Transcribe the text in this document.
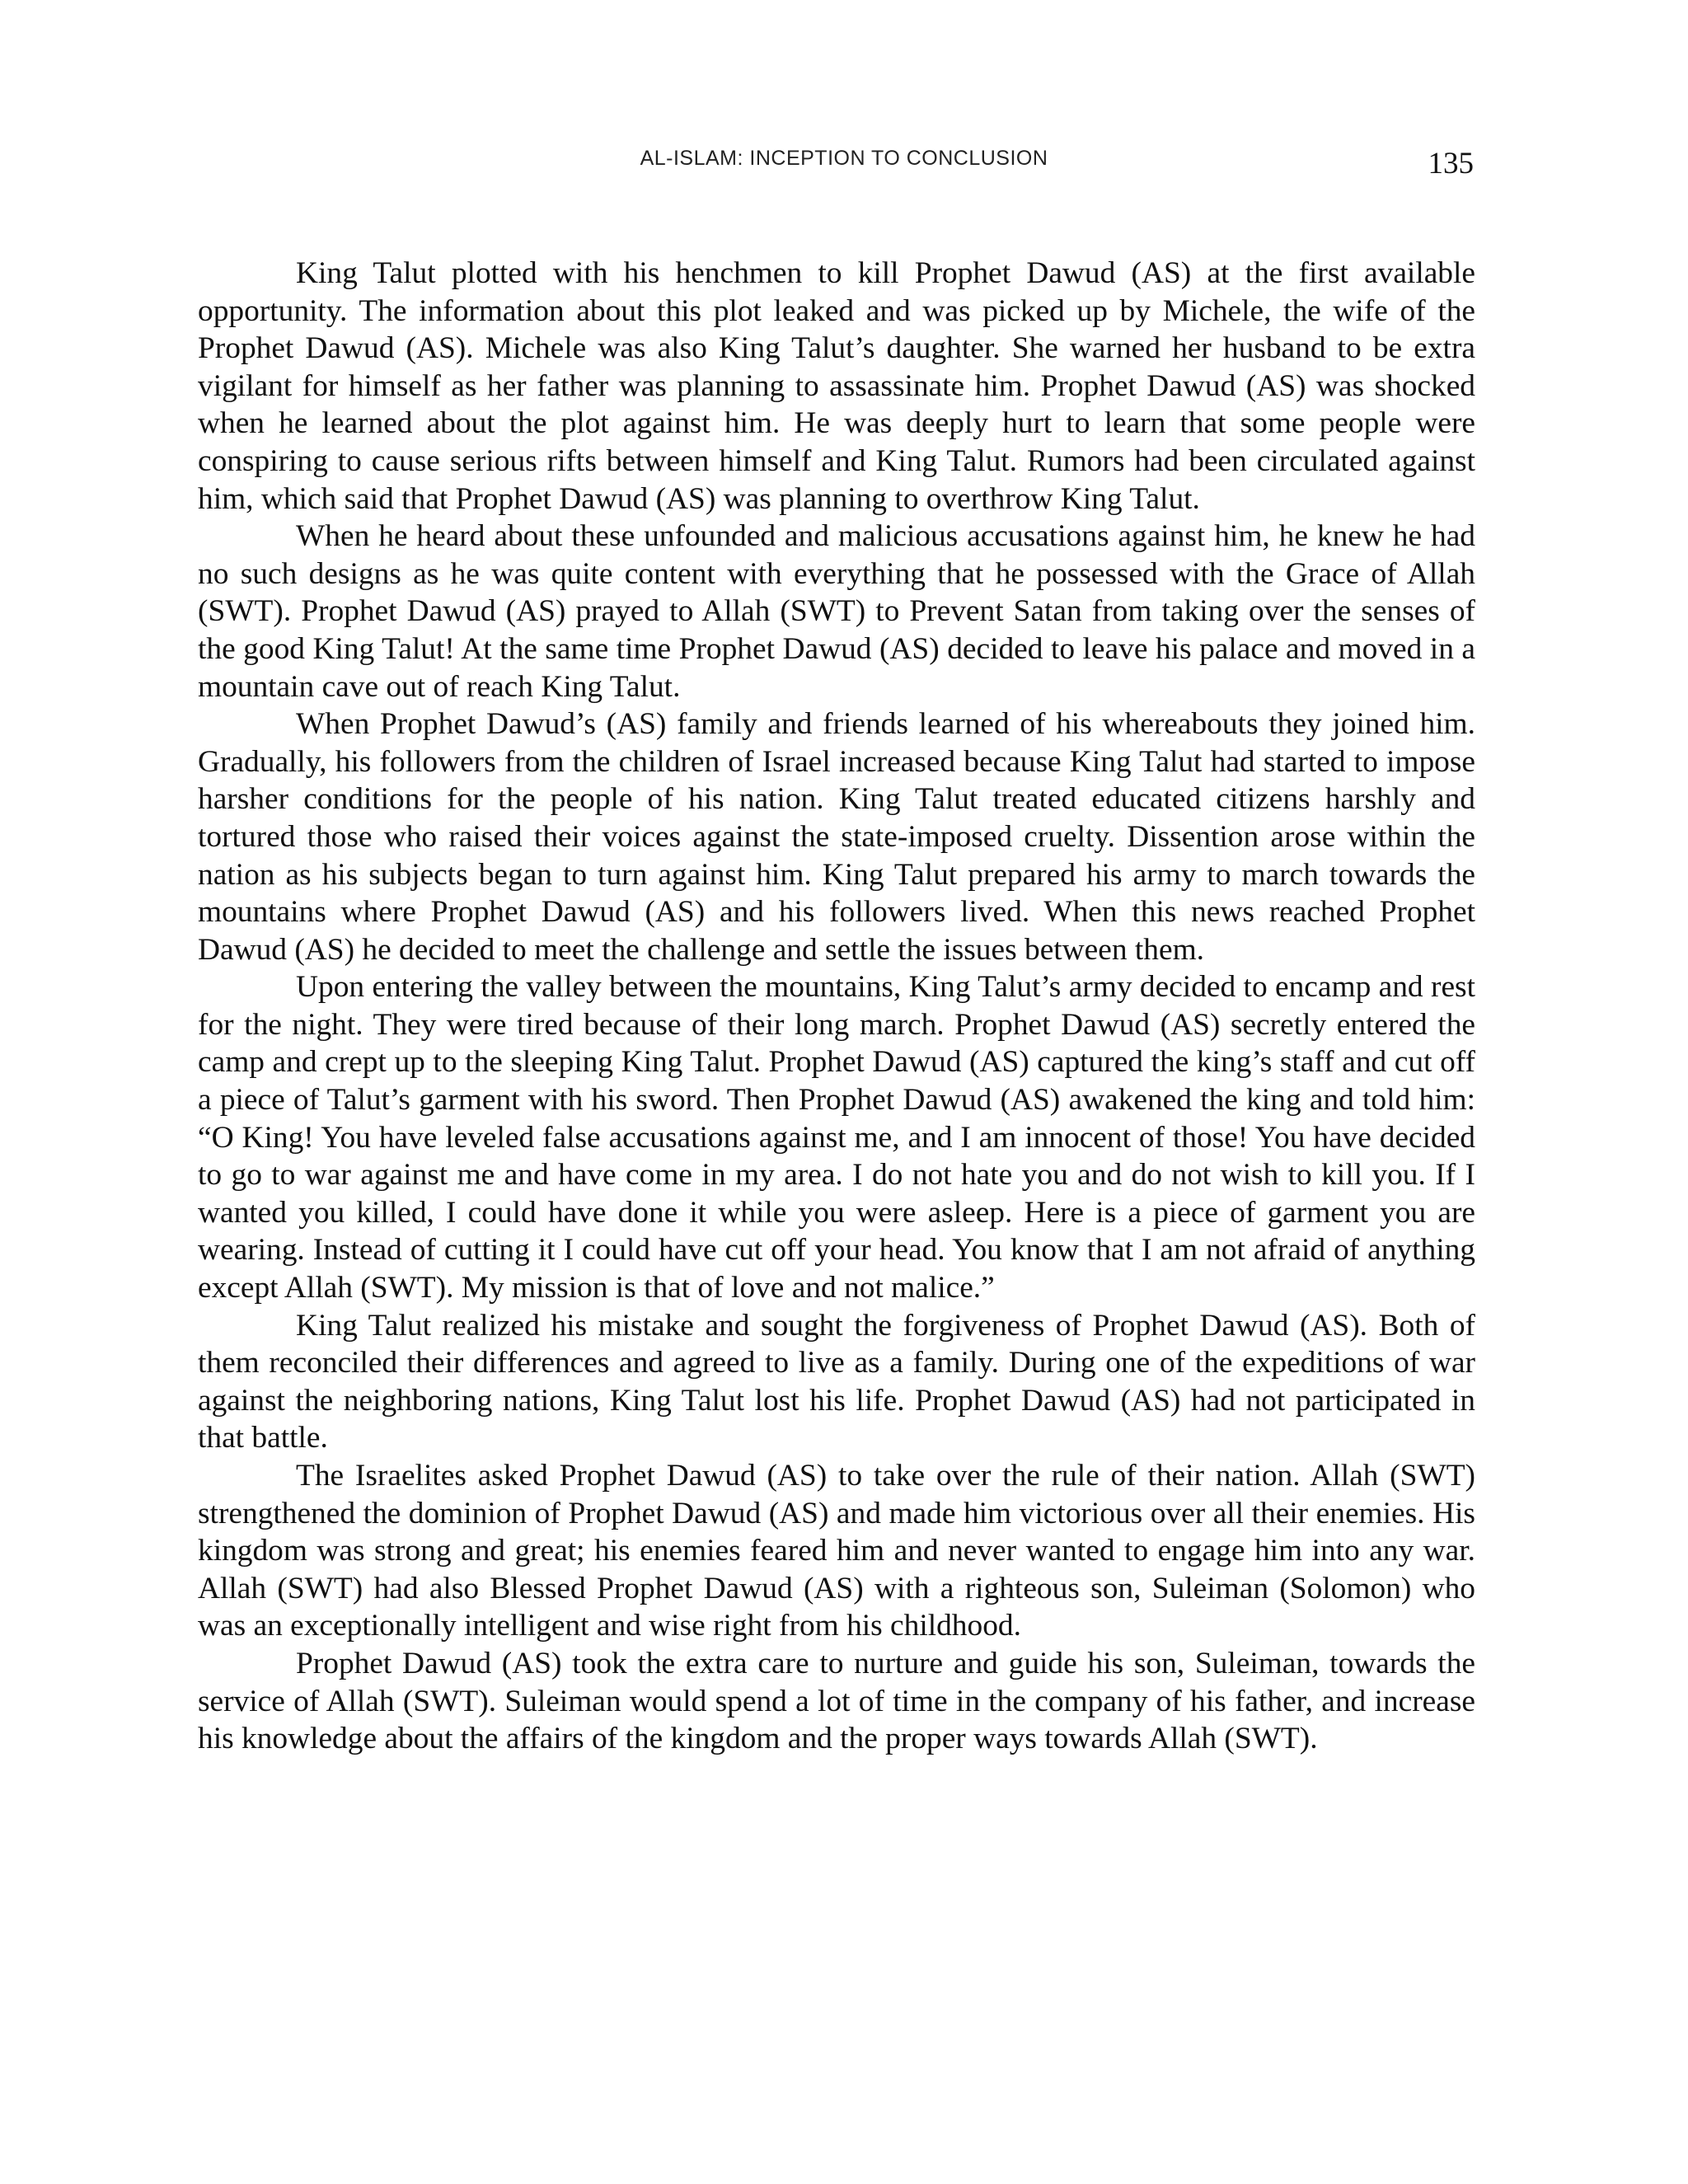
AL-ISLAM: INCEPTION TO CONCLUSION	135

King Talut plotted with his henchmen to kill Prophet Dawud (AS) at the first available opportunity. The information about this plot leaked and was picked up by Michele, the wife of the Prophet Dawud (AS). Michele was also King Talut’s daughter. She warned her husband to be extra vigilant for himself as her father was planning to assassinate him. Prophet Dawud (AS) was shocked when he learned about the plot against him. He was deeply hurt to learn that some people were conspiring to cause serious rifts between himself and King Talut. Rumors had been circulated against him, which said that Prophet Dawud (AS) was planning to overthrow King Talut.

When he heard about these unfounded and malicious accusations against him, he knew he had no such designs as he was quite content with everything that he possessed with the Grace of Allah (SWT). Prophet Dawud (AS) prayed to Allah (SWT) to Prevent Satan from taking over the senses of the good King Talut! At the same time Prophet Dawud (AS) decided to leave his palace and moved in a mountain cave out of reach King Talut.

When Prophet Dawud’s (AS) family and friends learned of his whereabouts they joined him. Gradually, his followers from the children of Israel increased because King Talut had started to impose harsher conditions for the people of his nation. King Talut treated educated citizens harshly and tortured those who raised their voices against the state-imposed cruelty. Dissention arose within the nation as his subjects began to turn against him. King Talut prepared his army to march towards the mountains where Prophet Dawud (AS) and his followers lived. When this news reached Prophet Dawud (AS) he decided to meet the challenge and settle the issues between them.

Upon entering the valley between the mountains, King Talut’s army decided to encamp and rest for the night. They were tired because of their long march. Prophet Dawud (AS) secretly entered the camp and crept up to the sleeping King Talut. Prophet Dawud (AS) captured the king’s staff and cut off a piece of Talut’s garment with his sword. Then Prophet Dawud (AS) awakened the king and told him: “O King! You have leveled false accusations against me, and I am innocent of those! You have decided to go to war against me and have come in my area. I do not hate you and do not wish to kill you. If I wanted you killed, I could have done it while you were asleep. Here is a piece of garment you are wearing. Instead of cutting it I could have cut off your head. You know that I am not afraid of anything except Allah (SWT). My mission is that of love and not malice.”

King Talut realized his mistake and sought the forgiveness of Prophet Dawud (AS). Both of them reconciled their differences and agreed to live as a family. During one of the expeditions of war against the neighboring nations, King Talut lost his life. Prophet Dawud (AS) had not participated in that battle.

The Israelites asked Prophet Dawud (AS) to take over the rule of their nation. Allah (SWT) strengthened the dominion of Prophet Dawud (AS) and made him victorious over all their enemies. His kingdom was strong and great; his enemies feared him and never wanted to engage him into any war. Allah (SWT) had also Blessed Prophet Dawud (AS) with a righteous son, Suleiman (Solomon) who was an exceptionally intelligent and wise right from his childhood.

Prophet Dawud (AS) took the extra care to nurture and guide his son, Suleiman, towards the service of Allah (SWT). Suleiman would spend a lot of time in the company of his father, and increase his knowledge about the affairs of the kingdom and the proper ways towards Allah (SWT).
